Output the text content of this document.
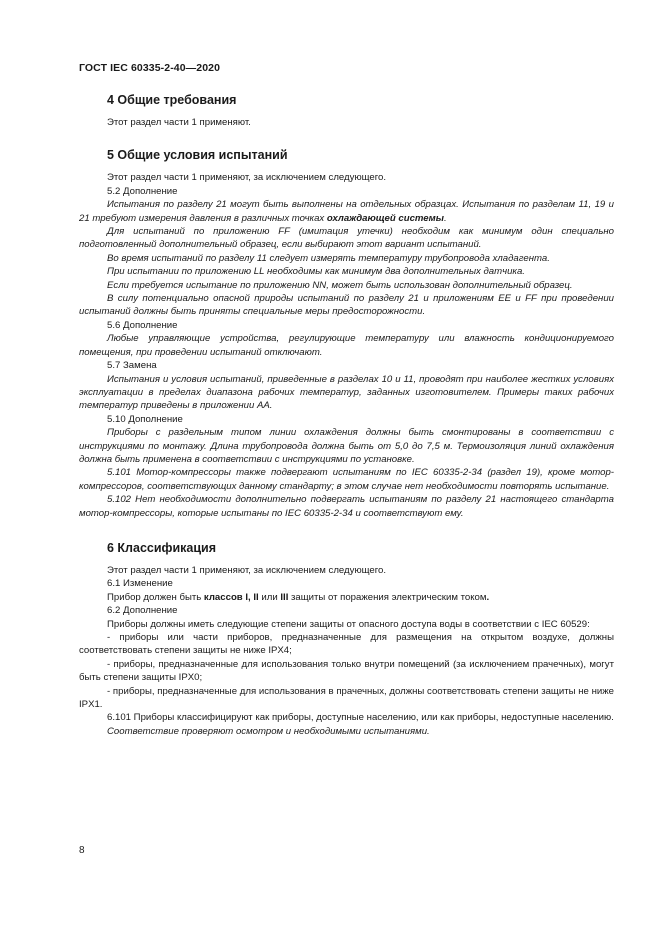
ГОСТ IEC 60335-2-40—2020
4 Общие требования

Этот раздел части 1 применяют.

5 Общие условия испытаний

Этот раздел части 1 применяют, за исключением следующего.

5.2 Дополнение

Испытания по разделу 21 могут быть выполнены на отдельных образцах. Испытания по разделам 11, 19 и 21 требуют измерения давления в различных точках охлаждающей системы.

Для испытаний по приложению FF (имитация утечки) необходим как минимум один специально подготовленный дополнительный образец, если выбирают этот вариант испытаний.

Во время испытаний по разделу 11 следует измерять температуру трубопровода хладагента.

При испытании по приложению LL необходимы как минимум два дополнительных датчика.

Если требуется испытание по приложению NN, может быть использован дополнительный образец.

В силу потенциально опасной природы испытаний по разделу 21 и приложениям EE и FF при проведении испытаний должны быть приняты специальные меры предосторожности.

5.6 Дополнение

Любые управляющие устройства, регулирующие температуру или влажность кондиционируемого помещения, при проведении испытаний отключают.

5.7 Замена

Испытания и условия испытаний, приведенные в разделах 10 и 11, проводят при наиболее жестких условиях эксплуатации в пределах диапазона рабочих температур, заданных изготовителем. Примеры таких рабочих температур приведены в приложении АА.

5.10 Дополнение

Приборы с раздельным типом линии охлаждения должны быть смонтированы в соответствии с инструкциями по монтажу. Длина трубопровода должна быть от 5,0 до 7,5 м. Термоизоляция линий охлаждения должна быть применена в соответствии с инструкциями по установке.

5.101 Мотор-компрессоры также подвергают испытаниям по IEC 60335-2-34 (раздел 19), кроме мотор-компрессоров, соответствующих данному стандарту; в этом случае нет необходимости повторять испытание.

5.102 Нет необходимости дополнительно подвергать испытаниям по разделу 21 настоящего стандарта мотор-компрессоры, которые испытаны по IEC 60335-2-34 и соответствуют ему.

6 Классификация

Этот раздел части 1 применяют, за исключением следующего.

6.1 Изменение

Прибор должен быть классов I, II или III защиты от поражения электрическим током.

6.2 Дополнение

Приборы должны иметь следующие степени защиты от опасного доступа воды в соответствии с IEC 60529:

- приборы или части приборов, предназначенные для размещения на открытом воздухе, должны соответствовать степени защиты не ниже IPX4;

- приборы, предназначенные для использования только внутри помещений (за исключением прачечных), могут быть степени защиты IPX0;

- приборы, предназначенные для использования в прачечных, должны соответствовать степени защиты не ниже IPX1.

6.101 Приборы классифицируют как приборы, доступные населению, или как приборы, недоступные населению.

Соответствие проверяют осмотром и необходимыми испытаниями.

8
